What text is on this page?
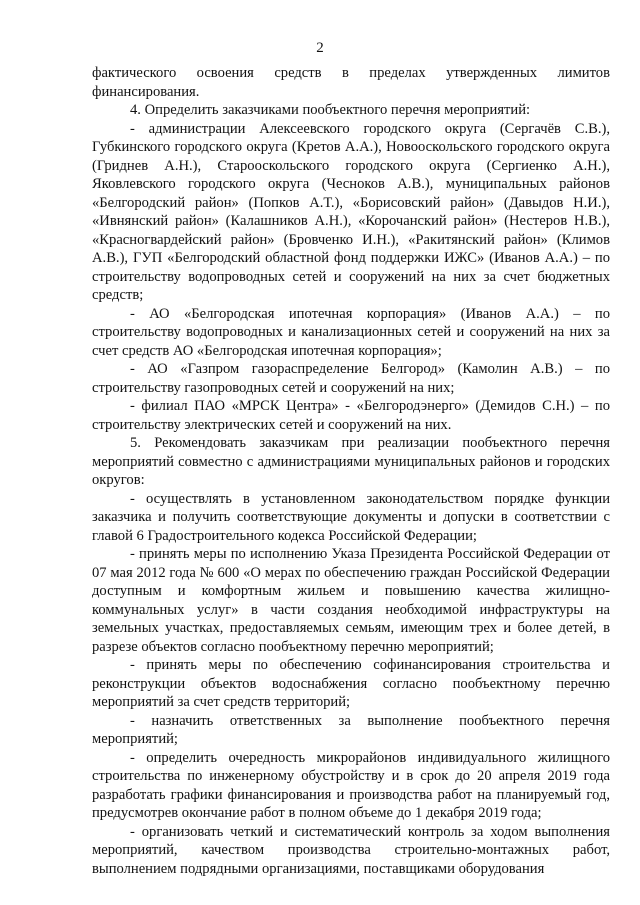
2

фактического освоения средств в пределах утвержденных лимитов финансирования.

4. Определить заказчиками пообъектного перечня мероприятий:

- администрации Алексеевского городского округа (Сергачёв С.В.), Губкинского городского округа (Кретов А.А.), Новооскольского городского округа (Гриднев А.Н.), Старооскольского городского округа (Сергиенко А.Н.), Яковлевского городского округа (Чесноков А.В.), муниципальных районов «Белгородский район» (Попков А.Т.), «Борисовский район» (Давыдов Н.И.), «Ивнянский район» (Калашников А.Н.), «Корочанский район» (Нестеров Н.В.), «Красногвардейский район» (Бровченко И.Н.), «Ракитянский район» (Климов А.В.), ГУП «Белгородский областной фонд поддержки ИЖС» (Иванов А.А.) – по строительству водопроводных сетей и сооружений на них за счет бюджетных средств;

- АО «Белгородская ипотечная корпорация» (Иванов А.А.) – по строительству водопроводных и канализационных сетей и сооружений на них за счет средств АО «Белгородская ипотечная корпорация»;

- АО «Газпром газораспределение Белгород» (Камолин А.В.) – по строительству газопроводных сетей и сооружений на них;

- филиал ПАО «МРСК Центра» - «Белгородэнерго» (Демидов С.Н.) – по строительству электрических сетей и сооружений на них.

5. Рекомендовать заказчикам при реализации пообъектного перечня мероприятий совместно с администрациями муниципальных районов и городских округов:

- осуществлять в установленном законодательством порядке функции заказчика и получить соответствующие документы и допуски в соответствии с главой 6 Градостроительного кодекса Российской Федерации;

- принять меры по исполнению Указа Президента Российской Федерации от 07 мая 2012 года № 600 «О мерах по обеспечению граждан Российской Федерации доступным и комфортным жильем и повышению качества жилищно-коммунальных услуг» в части создания необходимой инфраструктуры на земельных участках, предоставляемых семьям, имеющим трех и более детей, в разрезе объектов согласно пообъектному перечню мероприятий;

- принять меры по обеспечению софинансирования строительства и реконструкции объектов водоснабжения согласно пообъектному перечню мероприятий за счет средств территорий;

- назначить ответственных за выполнение пообъектного перечня мероприятий;

- определить очередность микрорайонов индивидуального жилищного строительства по инженерному обустройству и в срок до 20 апреля 2019 года разработать графики финансирования и производства работ на планируемый год, предусмотрев окончание работ в полном объеме до 1 декабря 2019 года;

- организовать четкий и систематический контроль за ходом выполнения мероприятий, качеством производства строительно-монтажных работ, выполнением подрядными организациями, поставщиками оборудования
